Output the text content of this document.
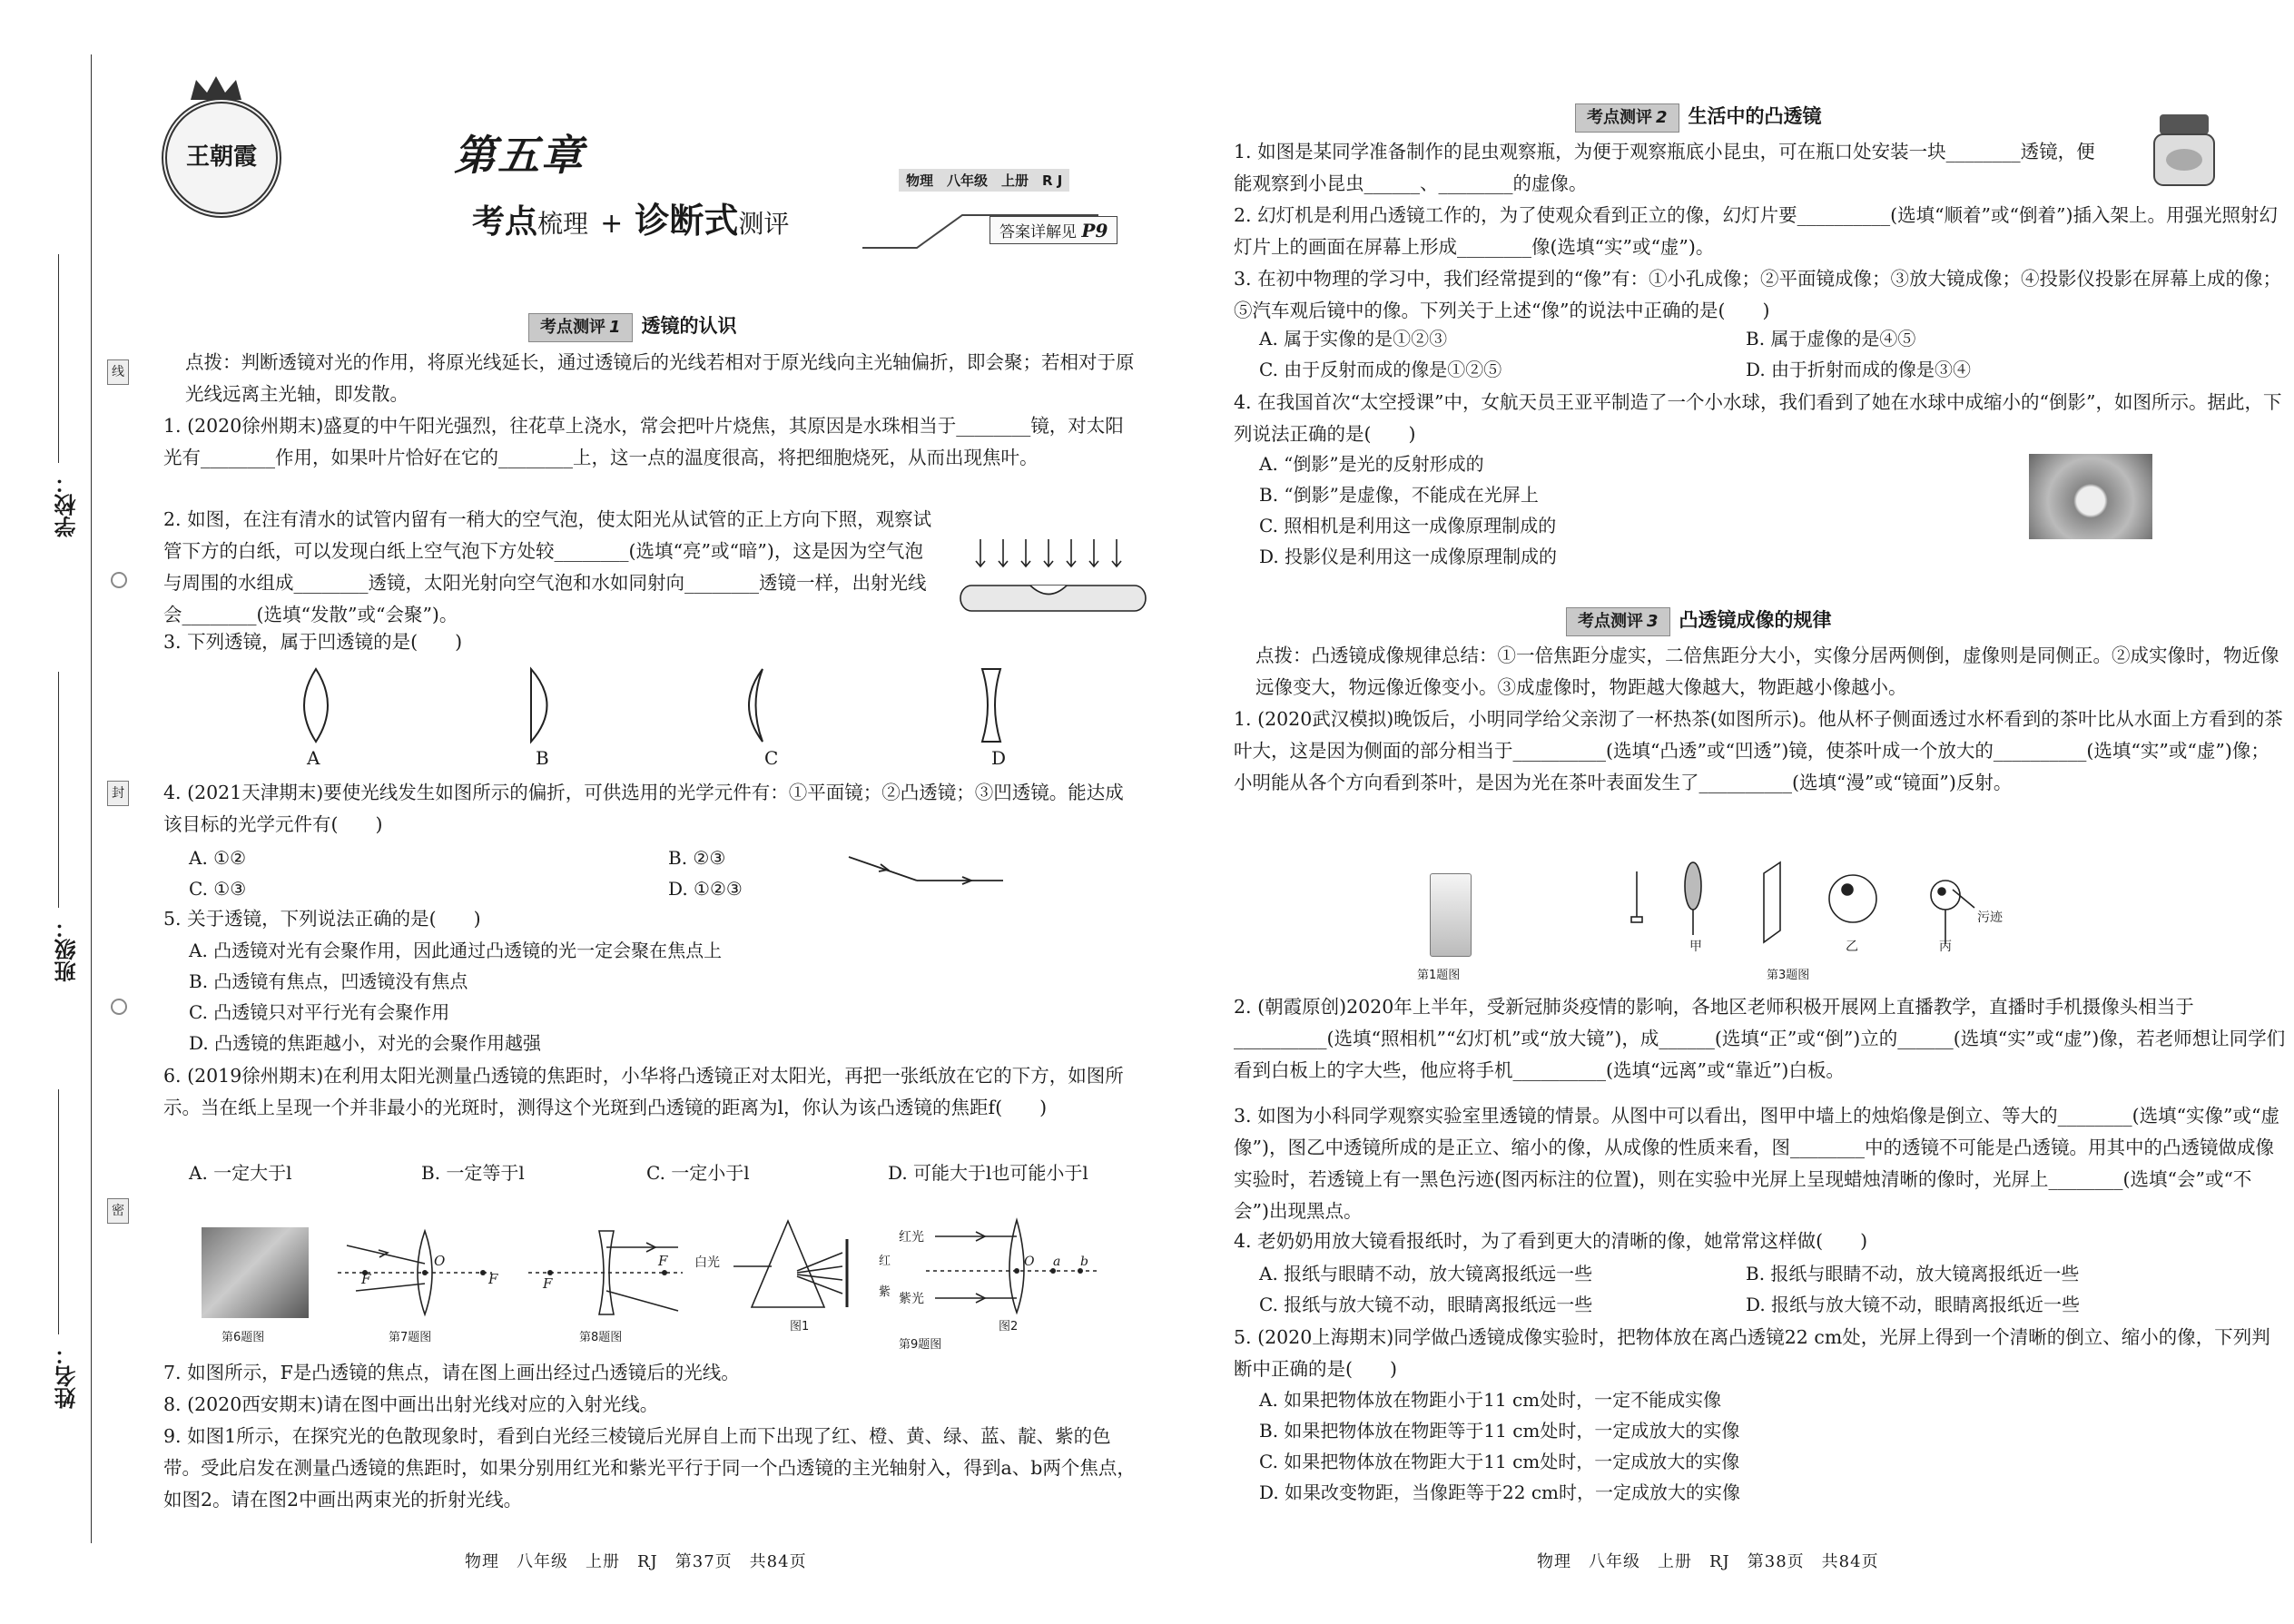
学校：
班级：
姓名：
线
封
密
王朝霞	第五章
考点梳理 + 诊断式测评
物理　八年级　上册　R J
答案详解见 P9
考点测评 1 透镜的认识
点拨：判断透镜对光的作用，将原光线延长，通过透镜后的光线若相对于原光线向主光轴偏折，即会聚；若相对于原光线远离主光轴，即发散。
1. (2020徐州期末)盛夏的中午阳光强烈，往花草上浇水，常会把叶片烧焦，其原因是水珠相当于________镜，对太阳光有________作用，如果叶片恰好在它的________上，这一点的温度很高，将把细胞烧死，从而出现焦叶。
2. 如图，在注有清水的试管内留有一稍大的空气泡，使太阳光从试管的正上方向下照，观察试管下方的白纸，可以发现白纸上空气泡下方处较________(选填“亮”或“暗”)，这是因为空气泡与周围的水组成________透镜，太阳光射向空气泡和水如同射向________透镜一样，出射光线会________(选填“发散”或“会聚”)。
3. 下列透镜，属于凹透镜的是(　　)
A	B	C	D
4. (2021天津期末)要使光线发生如图所示的偏折，可供选用的光学元件有：①平面镜；②凸透镜；③凹透镜。能达成该目标的光学元件有(　　)
A. ①②	B. ②③
C. ①③	D. ①②③
5. 关于透镜，下列说法正确的是(　　)
A. 凸透镜对光有会聚作用，因此通过凸透镜的光一定会聚在焦点上
B. 凸透镜有焦点，凹透镜没有焦点
C. 凸透镜只对平行光有会聚作用
D. 凸透镜的焦距越小，对光的会聚作用越强
6. (2019徐州期末)在利用太阳光测量凸透镜的焦距时，小华将凸透镜正对太阳光，再把一张纸放在它的下方，如图所示。当在纸上呈现一个并非最小的光斑时，测得这个光斑到凸透镜的距离为l，你认为该凸透镜的焦距f(　　)
A. 一定大于l	B. 一定等于l	C. 一定小于l	D. 可能大于l也可能小于l
第6题图
F
O
F
第7题图
F
F
第8题图
白光	红
紫
图1
红光
紫光
O a b
图2
第9题图
7. 如图所示，F是凸透镜的焦点，请在图上画出经过凸透镜后的光线。
8. (2020西安期末)请在图中画出出射光线对应的入射光线。
9. 如图1所示，在探究光的色散现象时，看到白光经三棱镜后光屏自上而下出现了红、橙、黄、绿、蓝、靛、紫的色带。受此启发在测量凸透镜的焦距时，如果分别用红光和紫光平行于同一个凸透镜的主光轴射入，得到a、b两个焦点，如图2。请在图2中画出两束光的折射光线。
物理　八年级　上册　RJ　第37页　共84页
考点测评 2 生活中的凸透镜
1. 如图是某同学准备制作的昆虫观察瓶，为便于观察瓶底小昆虫，可在瓶口处安装一块________透镜，便能观察到小昆虫______、________的虚像。
2. 幻灯机是利用凸透镜工作的，为了使观众看到正立的像，幻灯片要__________(选填“顺着”或“倒着”)插入架上。用强光照射幻灯片上的画面在屏幕上形成________像(选填“实”或“虚”)。
3. 在初中物理的学习中，我们经常提到的“像”有：①小孔成像；②平面镜成像；③放大镜成像；④投影仪投影在屏幕上成的像；⑤汽车观后镜中的像。下列关于上述“像”的说法中正确的是(　　)
A. 属于实像的是①②③	B. 属于虚像的是④⑤
C. 由于反射而成的像是①②⑤	D. 由于折射而成的像是③④
4. 在我国首次“太空授课”中，女航天员王亚平制造了一个小水球，我们看到了她在水球中成缩小的“倒影”，如图所示。据此，下列说法正确的是(　　)
A. “倒影”是光的反射形成的
B. “倒影”是虚像，不能成在光屏上
C. 照相机是利用这一成像原理制成的
D. 投影仪是利用这一成像原理制成的
考点测评 3 凸透镜成像的规律
点拨：凸透镜成像规律总结：①一倍焦距分虚实，二倍焦距分大小，实像分居两侧倒，虚像则是同侧正。②成实像时，物近像远像变大，物远像近像变小。③成虚像时，物距越大像越大，物距越小像越小。
1. (2020武汉模拟)晚饭后，小明同学给父亲沏了一杯热茶(如图所示)。他从杯子侧面透过水杯看到的茶叶比从水面上方看到的茶叶大，这是因为侧面的部分相当于__________(选填“凸透”或“凹透”)镜，使茶叶成一个放大的__________(选填“实”或“虚”)像；小明能从各个方向看到茶叶，是因为光在茶叶表面发生了__________(选填“漫”或“镜面”)反射。
第1题图
甲	乙	丙
污迹
第3题图
2. (朝霞原创)2020年上半年，受新冠肺炎疫情的影响，各地区老师积极开展网上直播教学，直播时手机摄像头相当于__________(选填“照相机”“幻灯机”或“放大镜”)，成______(选填“正”或“倒”)立的______(选填“实”或“虚”)像，若老师想让同学们看到白板上的字大些，他应将手机__________(选填“远离”或“靠近”)白板。
3. 如图为小科同学观察实验室里透镜的情景。从图中可以看出，图甲中墙上的烛焰像是倒立、等大的________(选填“实像”或“虚像”)，图乙中透镜所成的是正立、缩小的像，从成像的性质来看，图________中的透镜不可能是凸透镜。用其中的凸透镜做成像实验时，若透镜上有一黑色污迹(图丙标注的位置)，则在实验中光屏上呈现蜡烛清晰的像时，光屏上________(选填“会”或“不会”)出现黑点。
4. 老奶奶用放大镜看报纸时，为了看到更大的清晰的像，她常常这样做(　　)
A. 报纸与眼睛不动，放大镜离报纸远一些	B. 报纸与眼睛不动，放大镜离报纸近一些
C. 报纸与放大镜不动，眼睛离报纸远一些	D. 报纸与放大镜不动，眼睛离报纸近一些
5. (2020上海期末)同学做凸透镜成像实验时，把物体放在离凸透镜22 cm处，光屏上得到一个清晰的倒立、缩小的像，下列判断中正确的是(　　)
A. 如果把物体放在物距小于11 cm处时，一定不能成实像
B. 如果把物体放在物距等于11 cm处时，一定成放大的实像
C. 如果把物体放在物距大于11 cm处时，一定成放大的实像
D. 如果改变物距，当像距等于22 cm时，一定成放大的实像
物理　八年级　上册　RJ　第38页　共84页
